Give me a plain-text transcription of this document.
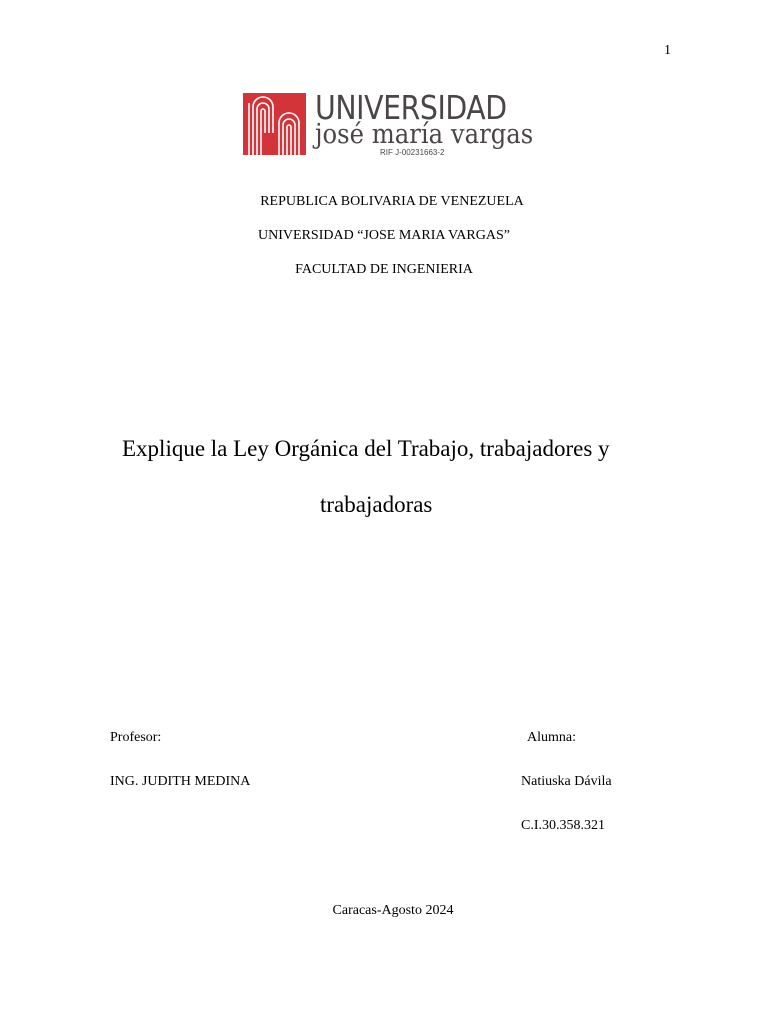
1
UNIVERSIDAD
josé maría vargas
RIF J-00231663-2
REPUBLICA BOLIVARIA DE VENEZUELA
UNIVERSIDAD “JOSE MARIA VARGAS”
FACULTAD DE INGENIERIA
Explique la Ley Orgánica del Trabajo, trabajadores y
trabajadoras
Profesor:
ING. JUDITH MEDINA
Alumna:
Natiuska Dávila
C.I.30.358.321
Caracas-Agosto 2024
